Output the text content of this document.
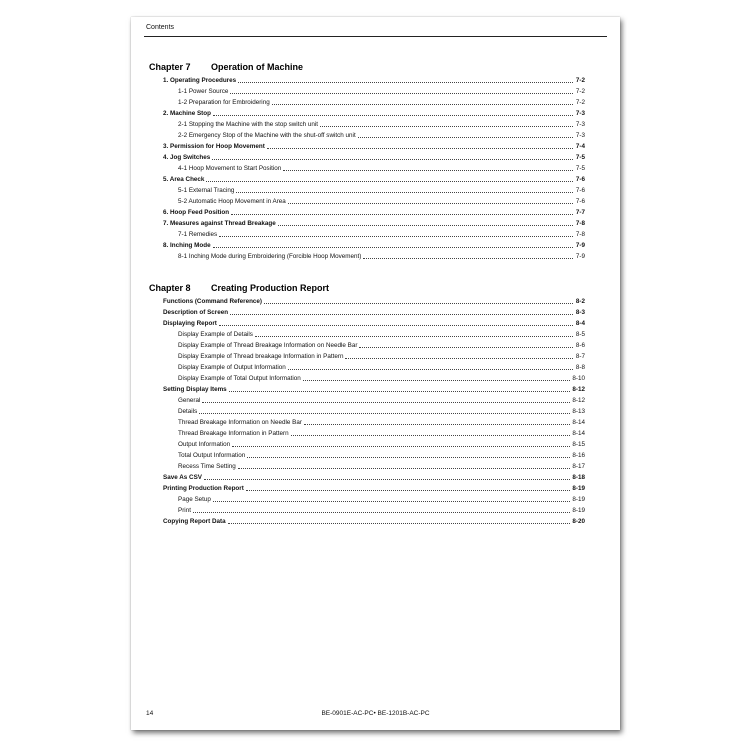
Contents
Chapter 7 Operation of Machine
1. Operating Procedures	7-2
1-1 Power Source	7-2
1-2 Preparation for Embroidering	7-2
2. Machine Stop	7-3
2-1 Stopping the Machine with the stop switch unit	7-3
2-2 Emergency Stop of the Machine with the shut-off switch unit	7-3
3. Permission for Hoop Movement	7-4
4. Jog Switches	7-5
4-1 Hoop Movement to Start Position	7-5
5. Area Check	7-6
5-1 External Tracing	7-6
5-2 Automatic Hoop Movement in Area	7-6
6. Hoop Feed Position	7-7
7. Measures against Thread Breakage	7-8
7-1 Remedies	7-8
8. Inching Mode	7-9
8-1 Inching Mode during Embroidering (Forcible Hoop Movement)	7-9
Chapter 8 Creating Production Report
Functions (Command Reference)	8-2
Description of Screen	8-3
Displaying Report	8-4
Display Example of Details	8-5
Display Example of Thread Breakage Information on Needle Bar	8-6
Display Example of Thread breakage Information in Pattern	8-7
Display Example of Output Information	8-8
Display Example of Total Output Information	8-10
Setting Display Items	8-12
General	8-12
Details	8-13
Thread Breakage Information on Needle Bar	8-14
Thread Breakage Information in Pattern	8-14
Output Information	8-15
Total Output Information	8-16
Recess Time Setting	8-17
Save As CSV	8-18
Printing Production Report	8-19
Page Setup	8-19
Print	8-19
Copying Report Data	8-20
14	BE-0901E-AC-PC• BE-1201B-AC-PC
